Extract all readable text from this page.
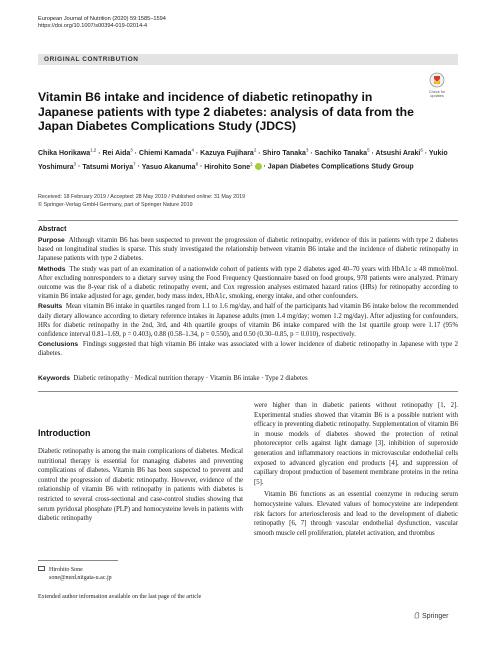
European Journal of Nutrition (2020) 59:1585–1594
https://doi.org/10.1007/s00394-019-02014-4
ORIGINAL CONTRIBUTION
Check for
updates
Vitamin B6 intake and incidence of diabetic retinopathy in Japanese patients with type 2 diabetes: analysis of data from the Japan Diabetes Complications Study (JDCS)
Chika Horikawa$^{1,2}$ · Rei Aida$^3$ · Chiemi Kamada$^4$ · Kazuya Fujihara$^2$ · Shiro Tanaka$^3$ · Sachiko Tanaka$^5$ · Atsushi Araki$^6$ · Yukio Yoshimura$^3$ · Tatsumi Moriya$^7$ · Yasuo Akanuma$^8$ · Hirohito Sone$^2$  · Japan Diabetes Complications Study Group
Received: 18 February 2019 / Accepted: 28 May 2019 / Published online: 31 May 2019
© Springer-Verlag GmbH Germany, part of Springer Nature 2019
Abstract

Purpose Although vitamin B6 has been suspected to prevent the progression of diabetic retinopathy, evidence of this in patients with type 2 diabetes based on longitudinal studies is sparse. This study investigated the relationship between vitamin B6 intake and the incidence of diabetic retinopathy in Japanese patients with type 2 diabetes.

Methods The study was part of an examination of a nationwide cohort of patients with type 2 diabetes aged 40–70 years with HbA1c ≥ 48 mmol/mol. After excluding nonresponders to a dietary survey using the Food Frequency Questionnaire based on food groups, 978 patients were analyzed. Primary outcome was the 8-year risk of a diabetic retinopathy event, and Cox regression analyses estimated hazard ratios (HRs) for retinopathy according to vitamin B6 intake adjusted for age, gender, body mass index, HbA1c, smoking, energy intake, and other confounders.

Results Mean vitamin B6 intake in quartiles ranged from 1.1 to 1.6 mg/day, and half of the participants had vitamin B6 intake below the recommended daily dietary allowance according to dietary reference intakes in Japanese adults (men 1.4 mg/day; women 1.2 mg/day). After adjusting for confounders, HRs for diabetic retinopathy in the 2nd, 3rd, and 4th quartile groups of vitamin B6 intake compared with the 1st quartile group were 1.17 (95% confidence interval 0.81–1.69, p = 0.403), 0.88 (0.58–1.34, p = 0.550), and 0.50 (0.30–0.85, p = 0.010), respectively.

Conclusions Findings suggested that high vitamin B6 intake was associated with a lower incidence of diabetic retinopathy in Japanese with type 2 diabetes.

Keywords Diabetic retinopathy · Medical nutrition therapy · Vitamin B6 intake · Type 2 diabetes
Introduction

Diabetic retinopathy is among the main complications of diabetes. Medical nutritional therapy is essential for managing diabetes and preventing complications of diabetes. Vitamin B6 has been suspected to prevent and control the progression of diabetic retinopathy. However, evidence of the relationship of vitamin B6 with retinopathy in patients with diabetes is restricted to several cross-sectional and case-control studies showing that serum pyridoxal phosphate (PLP) and homocysteine levels in patients with diabetic retinopathy

were higher than in diabetic patients without retinopathy [1, 2]. Experimental studies showed that vitamin B6 is a possible nutrient with efficacy in preventing diabetic retinopathy. Supplementation of vitamin B6 in mouse models of diabetes showed the protection of retinal photoreceptor cells against light damage [3], inhibition of superoxide generation and inflammatory reactions in microvascular endothelial cells exposed to advanced glycation end products [4], and suppression of capillary dropout production of basement membrane proteins in the retina [5].

Vitamin B6 functions as an essential coenzyme in reducing serum homocysteine values. Elevated values of homocysteine are independent risk factors for arteriosclerosis and lead to the development of diabetic retinopathy [6, 7] through vascular endothelial dysfunction, vascular smooth muscle cell proliferation, platelet activation, and thrombus

Hirohito Sone
sone@med.niigata-u.ac.jp
Extended author information available on the last page of the article
Springer
